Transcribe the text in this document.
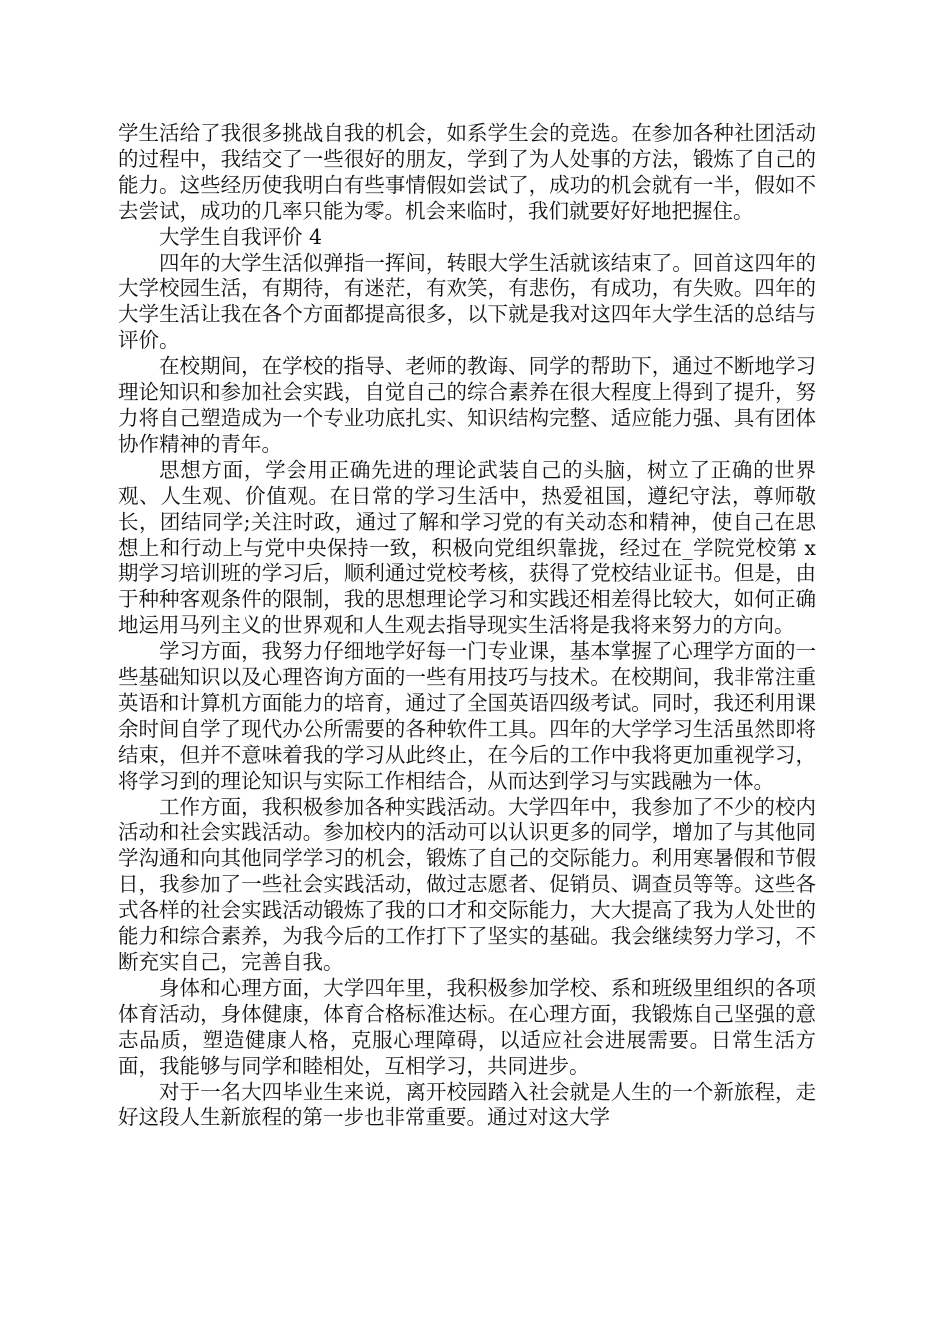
学生活给了我很多挑战自我的机会，如系学生会的竞选。在参加各种社团活动的过程中，我结交了一些很好的朋友，学到了为人处事的方法，锻炼了自己的能力。这些经历使我明白有些事情假如尝试了，成功的机会就有一半，假如不去尝试，成功的几率只能为零。机会来临时，我们就要好好地把握住。

大学生自我评价 4

四年的大学生活似弹指一挥间，转眼大学生活就该结束了。回首这四年的大学校园生活，有期待，有迷茫，有欢笑，有悲伤，有成功，有失败。四年的大学生活让我在各个方面都提高很多，以下就是我对这四年大学生活的总结与评价。

在校期间，在学校的指导、老师的教诲、同学的帮助下，通过不断地学习理论知识和参加社会实践，自觉自己的综合素养在很大程度上得到了提升，努力将自己塑造成为一个专业功底扎实、知识结构完整、适应能力强、具有团体协作精神的青年。

思想方面，学会用正确先进的理论武装自己的头脑，树立了正确的世界观、人生观、价值观。在日常的学习生活中，热爱祖国，遵纪守法，尊师敬长，团结同学;关注时政，通过了解和学习党的有关动态和精神，使自己在思想上和行动上与党中央保持一致，积极向党组织靠拢，经过在_学院党校第 x 期学习培训班的学习后，顺利通过党校考核，获得了党校结业证书。但是，由于种种客观条件的限制，我的思想理论学习和实践还相差得比较大，如何正确地运用马列主义的世界观和人生观去指导现实生活将是我将来努力的方向。

学习方面，我努力仔细地学好每一门专业课，基本掌握了心理学方面的一些基础知识以及心理咨询方面的一些有用技巧与技术。在校期间，我非常注重英语和计算机方面能力的培育，通过了全国英语四级考试。同时，我还利用课余时间自学了现代办公所需要的各种软件工具。四年的大学学习生活虽然即将结束，但并不意味着我的学习从此终止，在今后的工作中我将更加重视学习，将学习到的理论知识与实际工作相结合，从而达到学习与实践融为一体。

工作方面，我积极参加各种实践活动。大学四年中，我参加了不少的校内活动和社会实践活动。参加校内的活动可以认识更多的同学，增加了与其他同学沟通和向其他同学学习的机会，锻炼了自己的交际能力。利用寒暑假和节假日，我参加了一些社会实践活动，做过志愿者、促销员、调查员等等。这些各式各样的社会实践活动锻炼了我的口才和交际能力，大大提高了我为人处世的能力和综合素养，为我今后的工作打下了坚实的基础。我会继续努力学习，不断充实自己，完善自我。

身体和心理方面，大学四年里，我积极参加学校、系和班级里组织的各项体育活动，身体健康，体育合格标准达标。在心理方面，我锻炼自己坚强的意志品质，塑造健康人格，克服心理障碍，以适应社会进展需要。日常生活方面，我能够与同学和睦相处，互相学习，共同进步。

对于一名大四毕业生来说，离开校园踏入社会就是人生的一个新旅程，走好这段人生新旅程的第一步也非常重要。通过对这大学
